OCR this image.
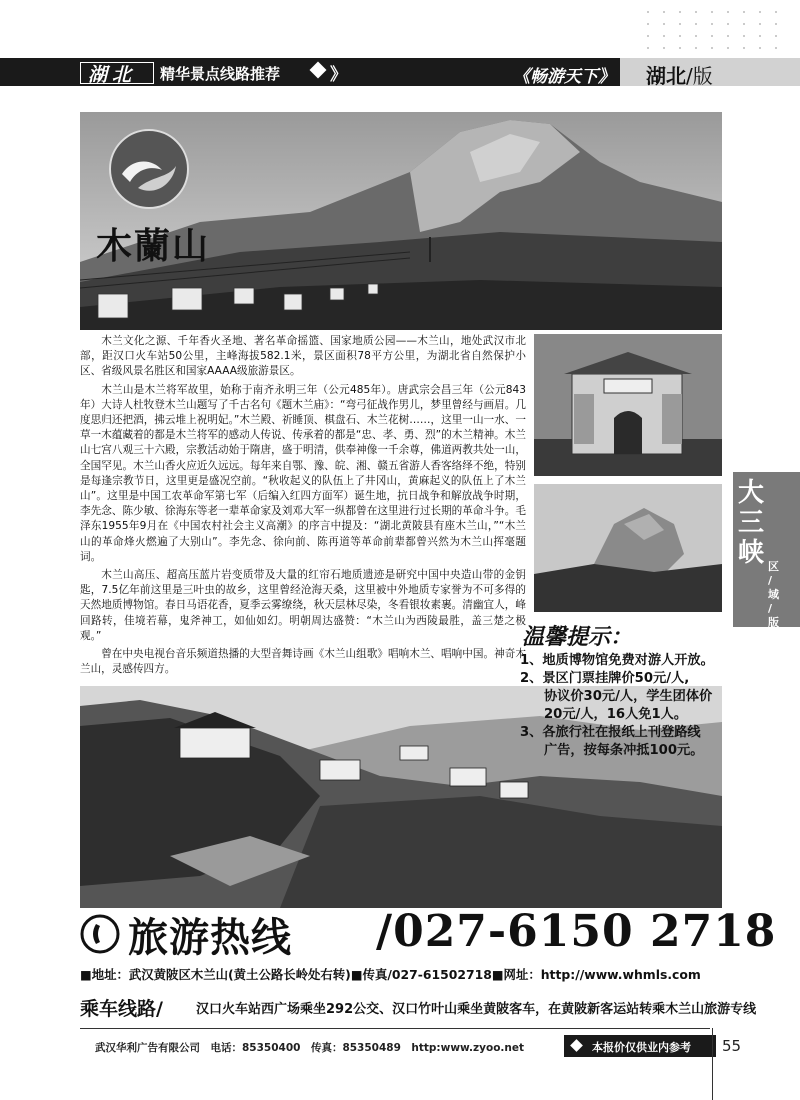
湖北 精华景点线路推荐	》	《畅游天下》 湖北/版
木蘭山

木兰文化之源、千年香火圣地、著名革命摇篮、国家地质公园——木兰山，地处武汉市北部，距汉口火车站50公里，主峰海拔582.1米，景区面积78平方公里，为湖北省自然保护小区、省级风景名胜区和国家AAAA级旅游景区。

木兰山是木兰将军故里，始称于南齐永明三年（公元485年）。唐武宗会昌三年（公元843年）大诗人杜牧登木兰山题写了千古名句《题木兰庙》：“弯弓征战作男儿，梦里曾经与画眉。几度思归还把酒，拂云堆上祝明妃。”木兰殿、祈睡顶、棋盘石、木兰花树……，这里一山一水、一草一木蕴藏着的都是木兰将军的感动人传说、传承着的都是“忠、孝、勇、烈”的木兰精神。木兰山七宫八观三十六殿，宗教活动始于隋唐，盛于明清，供奉神像一千余尊，佛道两教共处一山，全国罕见。木兰山香火应近久远远。每年来自鄂、豫、皖、湘、赣五省游人香客络绎不绝，特别是每逢宗教节日，这里更是盛况空前。“秋收起义的队伍上了井冈山，黄麻起义的队伍上了木兰山”。这里是中国工农革命军第七军（后编入红四方面军）诞生地，抗日战争和解放战争时期，李先念、陈少敏、徐海东等老一辈革命家及刘邓大军一纵都曾在这里进行过长期的革命斗争。毛泽东1955年9月在《中国农村社会主义高潮》的序言中提及：“湖北黄陂县有座木兰山，”“木兰山的革命烽火燃遍了大别山”。李先念、徐向前、陈再道等革命前辈都曾兴然为木兰山挥毫题词。

木兰山高压、超高压蓝片岩变质带及大量的红帘石地质遗迹是研究中国中央造山带的金钥匙，7.5亿年前这里是三叶虫的故乡，这里曾经沧海天桑，这里被中外地质专家誉为不可多得的天然地质博物馆。春日马语花香，夏季云雾缭绕，秋天层林尽染，冬看银妆素裹。清幽宜人，峰回路转，佳境若幕，鬼斧神工，如仙如幻。明朝周达盛赞：“木兰山为西陵最胜，盖三楚之极观。”

曾在中央电视台音乐频道热播的大型音舞诗画《木兰山组歌》唱响木兰、唱响中国。神奇木兰山，灵感传四方。

大
三
峡 区
/
域
/
版
温馨提示：
1、地质博物馆免费对游人开放。
2、景区门票挂牌价50元/人,
协议价30元/人，学生团体价
20元/人，16人免1人。
3、各旅行社在报纸上刊登路线
广告，按每条冲抵100元。
旅游热线 /027-6150 2718
■地址：武汉黄陂区木兰山(黄土公路长岭处右转)■传真/027-61502718■网址：http://www.whmls.com
乘车线路/	汉口火车站西广场乘坐292公交、汉口竹叶山乘坐黄陂客车，在黄陂新客运站转乘木兰山旅游专线
武汉华利广告有限公司　电话：85350400　传真：85350489　http:www.zyoo.net	本报价仅供业内参考 55
